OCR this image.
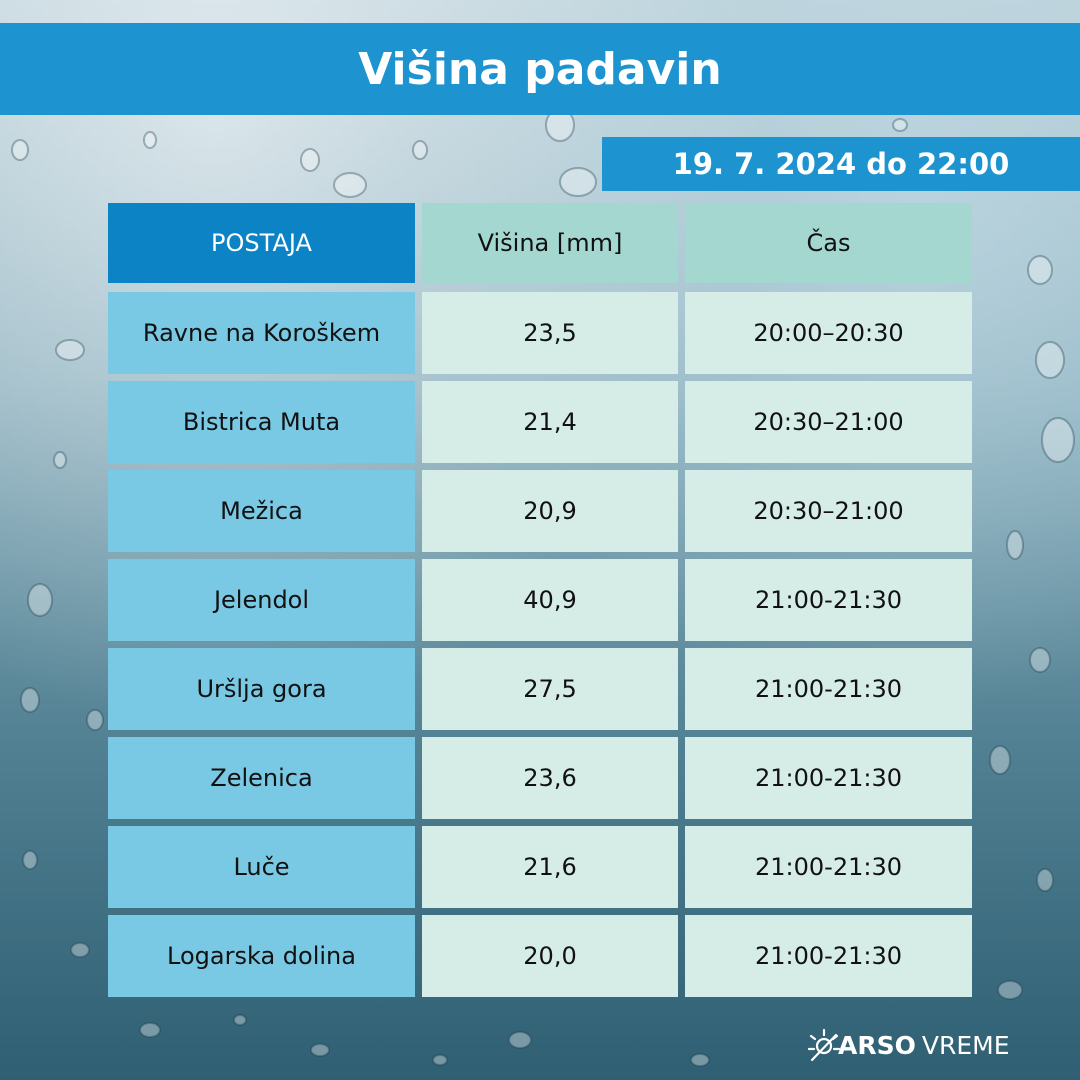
Višina padavin
19. 7. 2024 do 22:00
POSTAJA	Višina [mm]	Čas
Ravne na Koroškem	23,5	20:00–20:30
Bistrica Muta	21,4	20:30–21:00
Mežica	20,9	20:30–21:00
Jelendol	40,9	21:00-21:30
Uršlja gora	27,5	21:00-21:30
Zelenica	23,6	21:00-21:30
Luče	21,6	21:00-21:30
Logarska dolina	20,0	21:00-21:30
ARSO VREME
